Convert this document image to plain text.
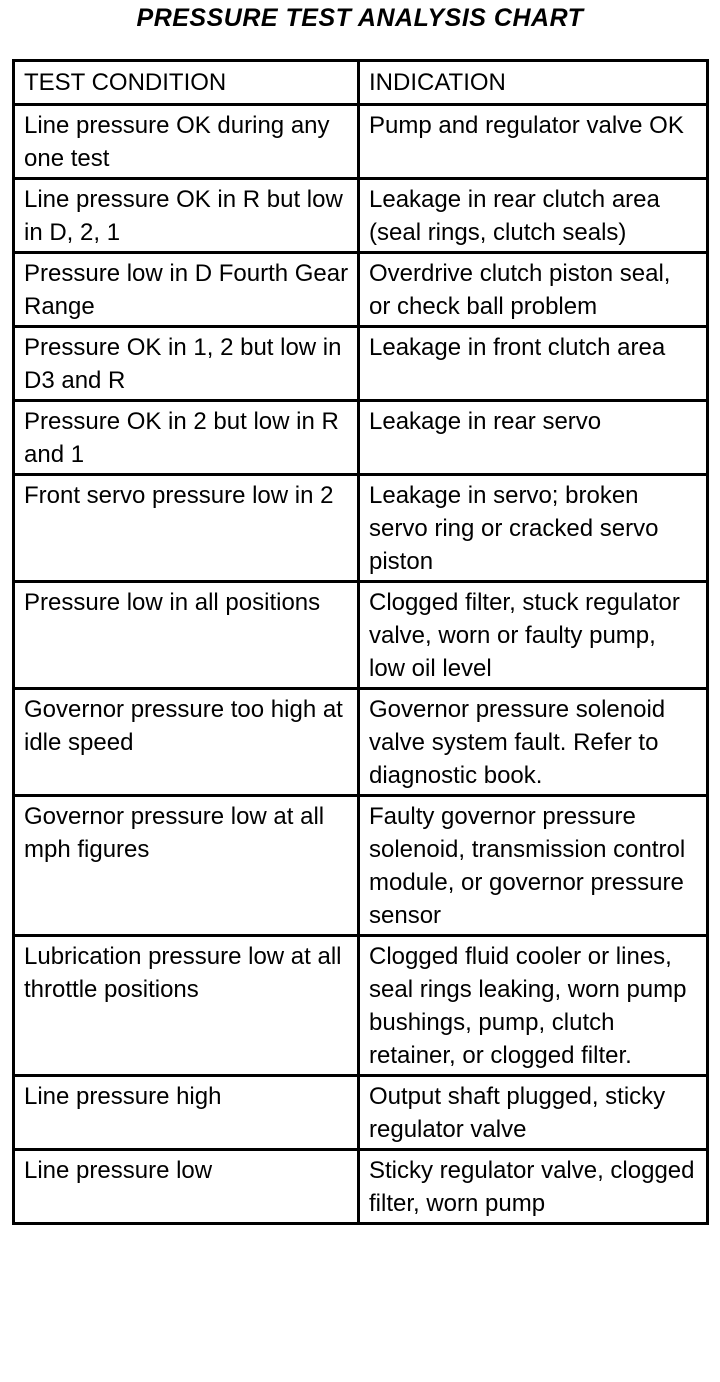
PRESSURE TEST ANALYSIS CHART
TEST CONDITION	INDICATION
Line pressure OK during any one test	Pump and regulator valve OK
Line pressure OK in R but low in D, 2, 1	Leakage in rear clutch area (seal rings, clutch seals)
Pressure low in D Fourth Gear Range	Overdrive clutch piston seal, or check ball problem
Pressure OK in 1, 2 but low in D3 and R	Leakage in front clutch area
Pressure OK in 2 but low in R and 1	Leakage in rear servo
Front servo pressure low in 2	Leakage in servo; broken servo ring or cracked servo piston
Pressure low in all positions	Clogged filter, stuck regulator valve, worn or faulty pump, low oil level
Governor pressure too high at idle speed	Governor pressure solenoid valve system fault. Refer to diagnostic book.
Governor pressure low at all mph figures	Faulty governor pressure solenoid, transmission control module, or governor pressure sensor
Lubrication pressure low at all throttle positions	Clogged fluid cooler or lines, seal rings leaking, worn pump bushings, pump, clutch retainer, or clogged filter.
Line pressure high	Output shaft plugged, sticky regulator valve
Line pressure low	Sticky regulator valve, clogged filter, worn pump
